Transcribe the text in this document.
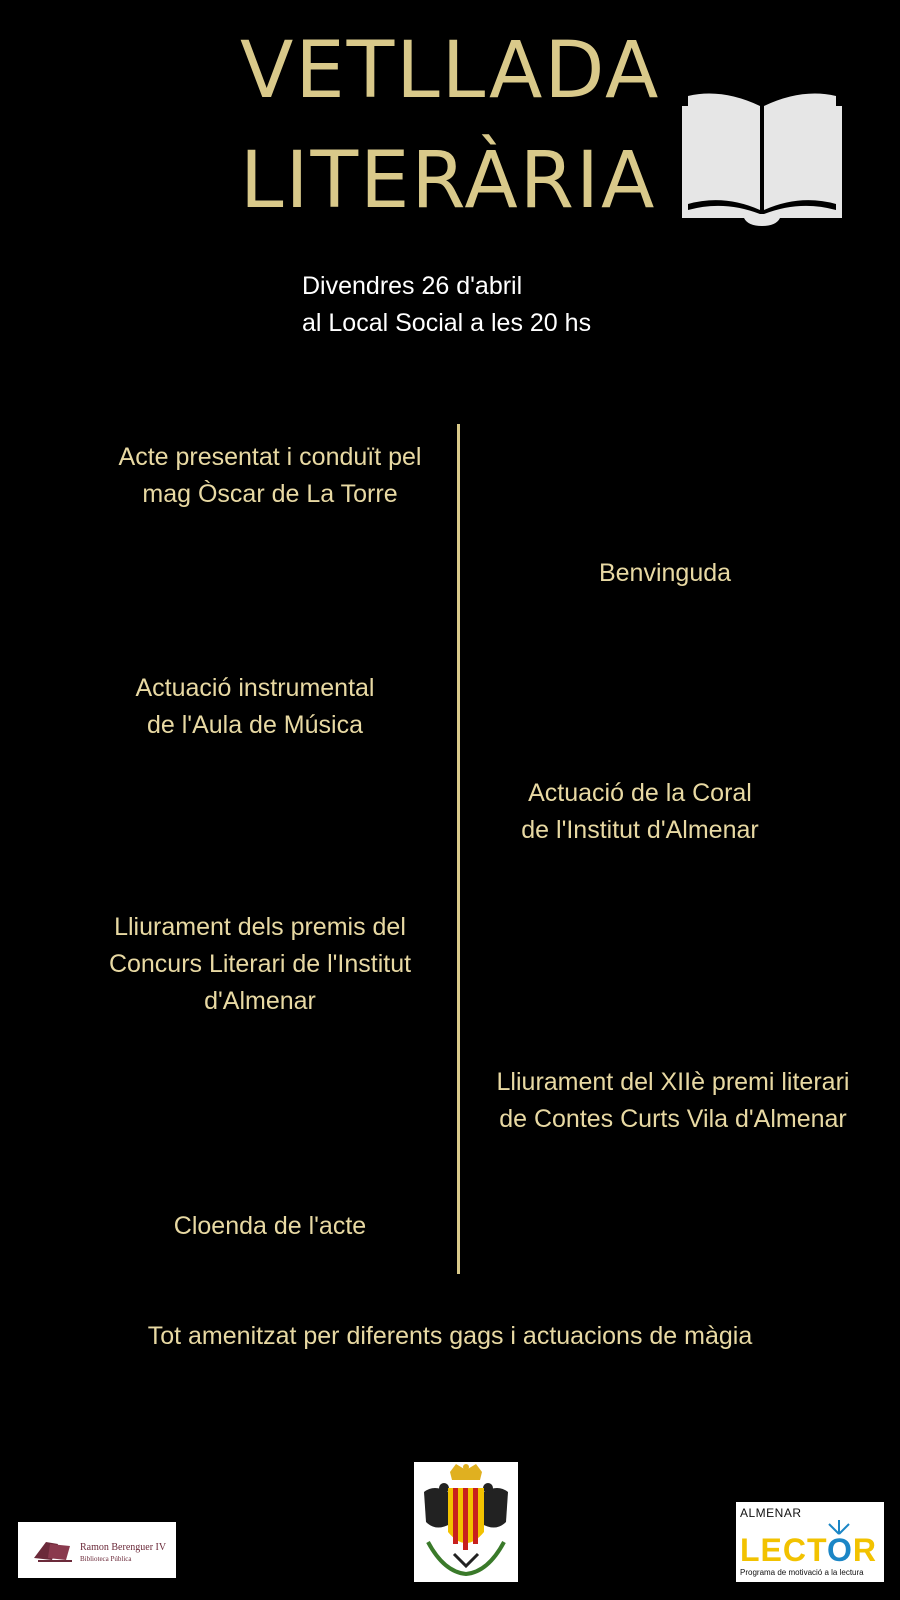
VETLLADA
LITERÀRIA
Divendres 26 d'abril
al Local Social a les 20 hs
Acte presentat i conduït pel
mag Òscar de La Torre
Benvinguda
Actuació instrumental
de l'Aula de Música
Actuació de la Coral
de l'Institut d'Almenar
Lliurament dels premis del
Concurs Literari de l'Institut
d'Almenar
Lliurament del XIIè premi literari
de Contes Curts Vila d'Almenar
Cloenda de l'acte
Tot amenitzat per diferents gags i actuacions de màgia
Ramon Berenguer IV
Biblioteca Pública
ALMENAR
LECTOR
Programa de motivació a la lectura
